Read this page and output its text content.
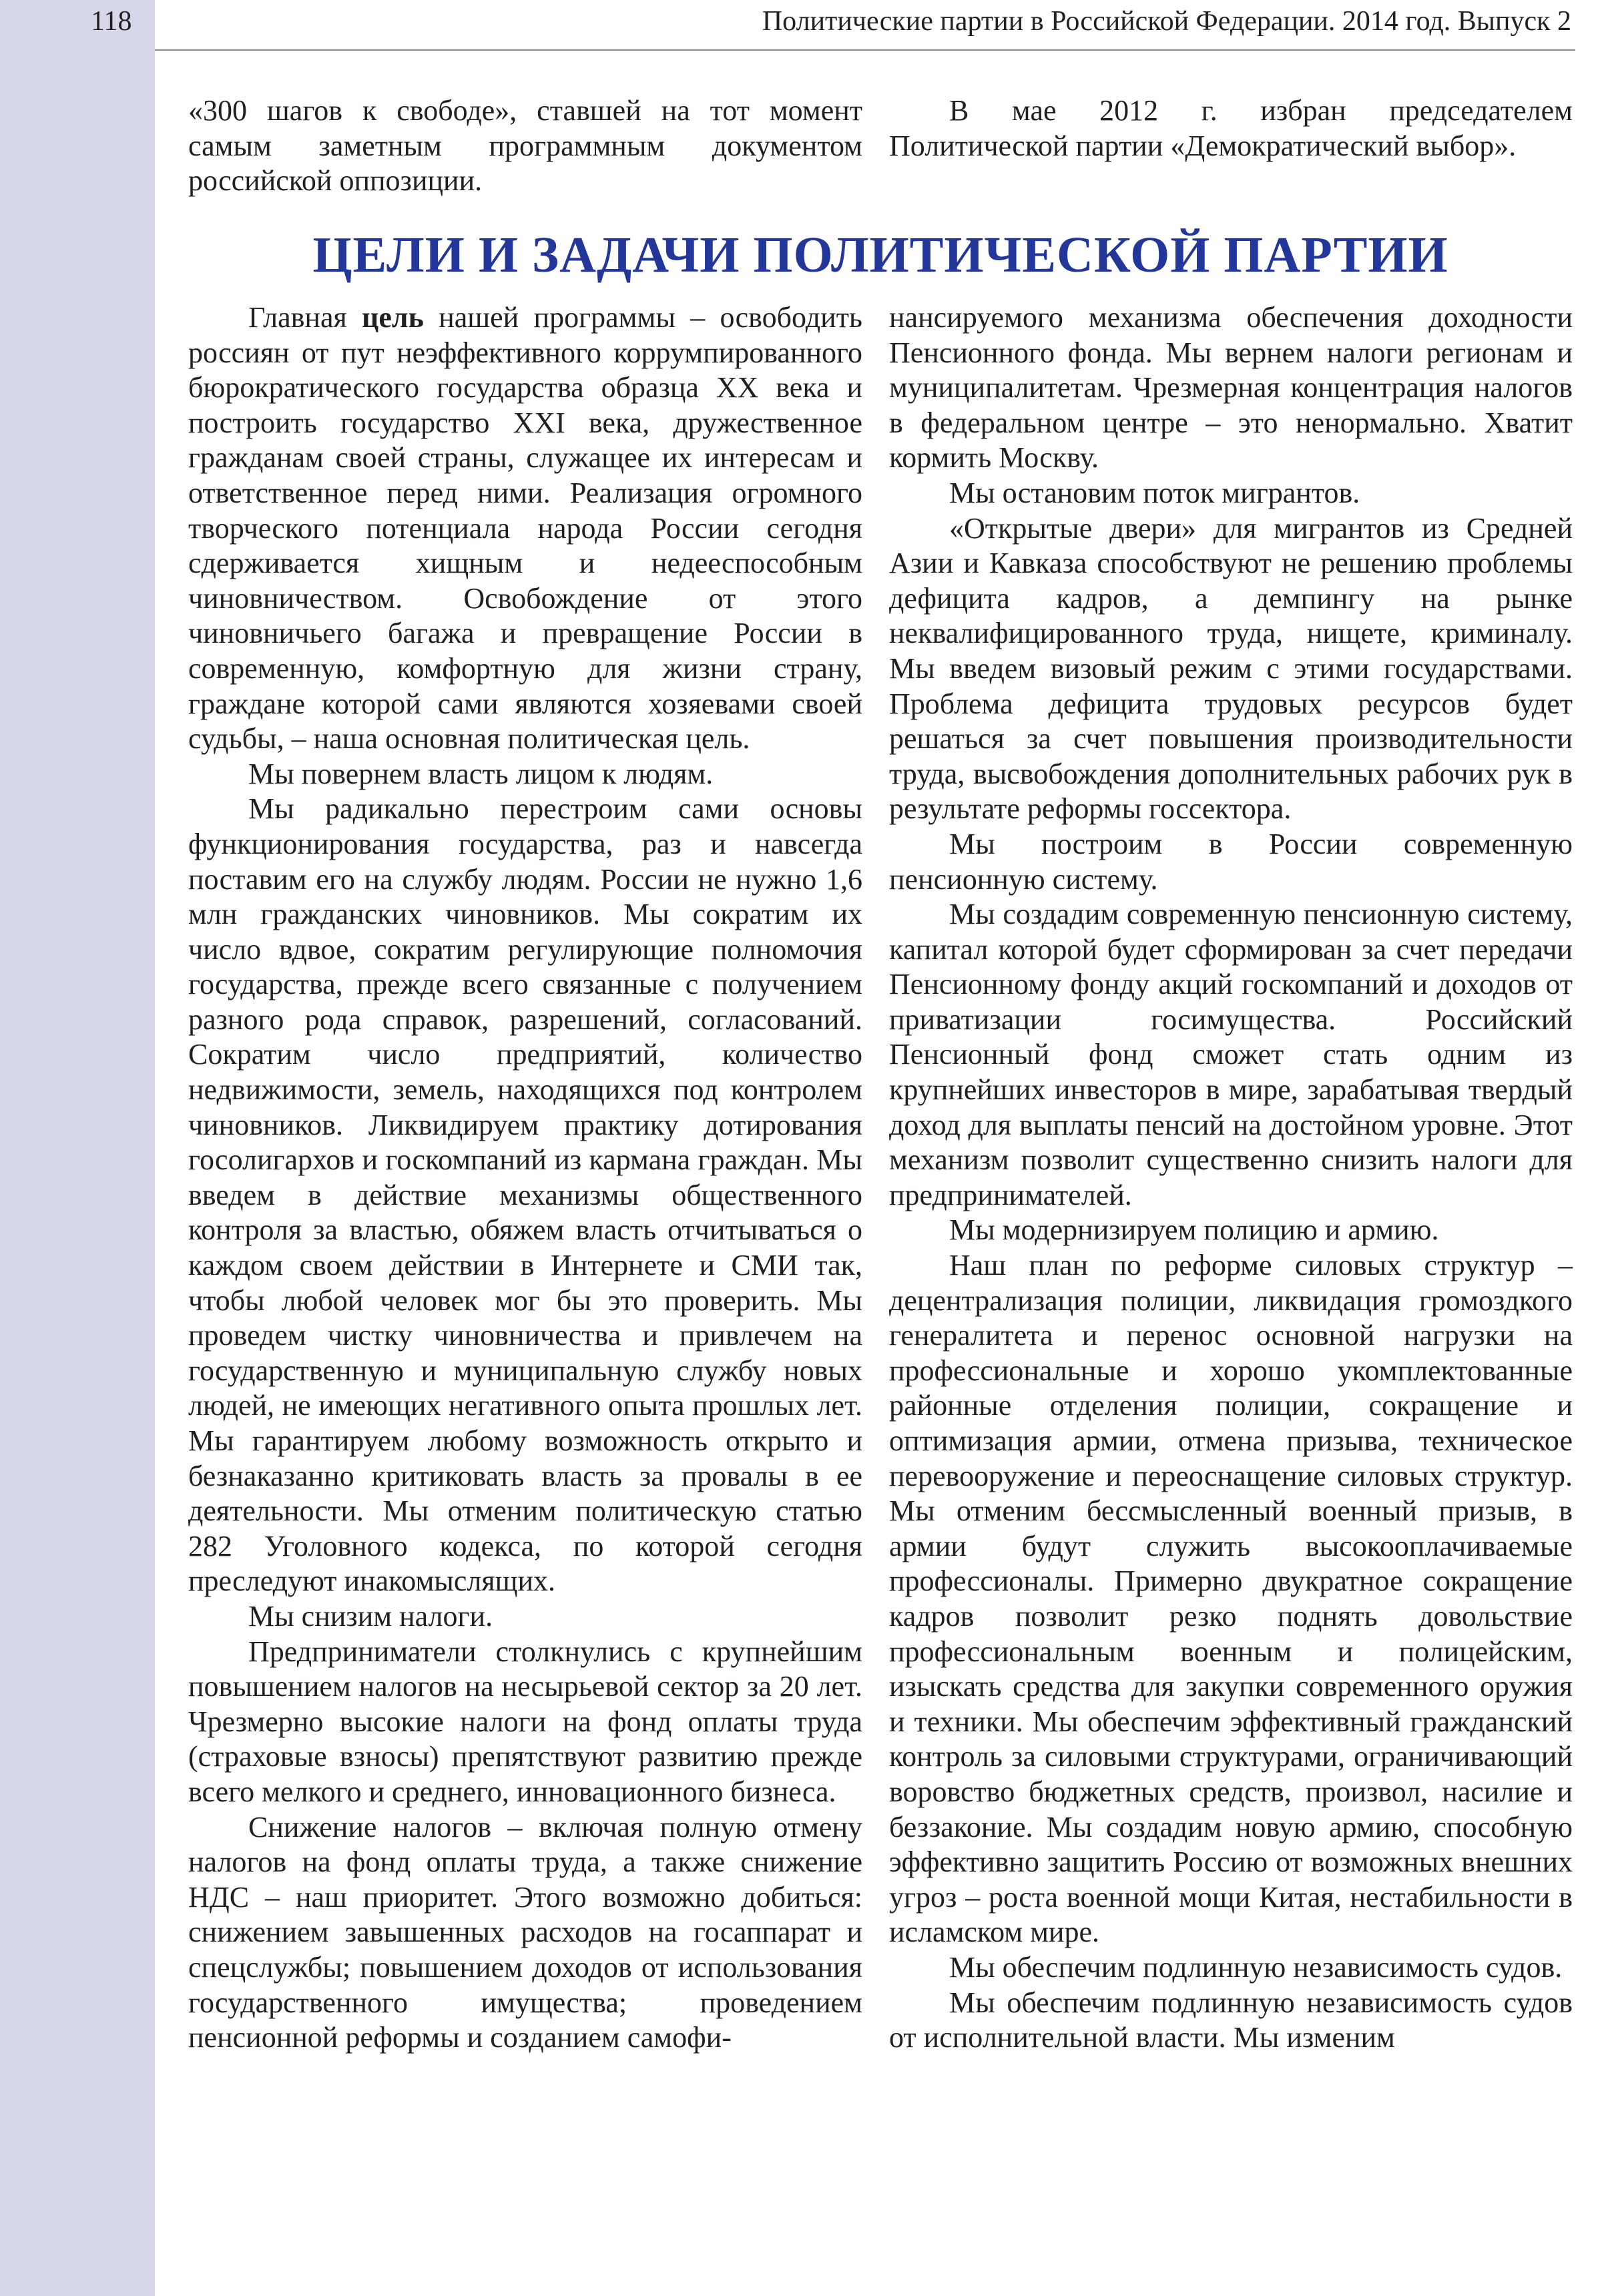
118	Политические партии в Российской Федерации. 2014 год. Выпуск 2

«300 шагов к свободе», ставшей на тот момент самым заметным программным документом российской оппозиции.

В мае 2012 г. избран председателем Политической партии «Демократический выбор».

ЦЕЛИ И ЗАДАЧИ ПОЛИТИЧЕСКОЙ ПАРТИИ

Главная цель нашей программы – освободить россиян от пут неэффективного коррумпированного бюрократического государства образца XX века и построить государство XXI века, дружественное гражданам своей страны, служащее их интересам и ответственное перед ними. Реализация огромного творческого потенциала народа России сегодня сдерживается хищным и недееспособным чиновничеством. Освобождение от этого чиновничьего багажа и превращение России в современную, комфортную для жизни страну, граждане которой сами являются хозяевами своей судьбы, – наша основная политическая цель.

Мы повернем власть лицом к людям.

Мы радикально перестроим сами основы функционирования государства, раз и навсегда поставим его на службу людям. России не нужно 1,6 млн гражданских чиновников. Мы сократим их число вдвое, сократим регулирующие полномочия государства, прежде всего связанные с получением разного рода справок, разрешений, согласований. Сократим число предприятий, количество недвижимости, земель, находящихся под контролем чиновников. Ликвидируем практику дотирования госолигархов и госкомпаний из кармана граждан. Мы введем в действие механизмы общественного контроля за властью, обяжем власть отчитываться о каждом своем действии в Интернете и СМИ так, чтобы любой человек мог бы это проверить. Мы проведем чистку чиновничества и привлечем на государственную и муниципальную службу новых людей, не имеющих негативного опыта прошлых лет. Мы гарантируем любому возможность открыто и безнаказанно критиковать власть за провалы в ее деятельности. Мы отменим политическую статью 282 Уголовного кодекса, по которой сегодня преследуют инакомыслящих.

Мы снизим налоги.

Предприниматели столкнулись с крупнейшим повышением налогов на несырьевой сектор за 20 лет. Чрезмерно высокие налоги на фонд оплаты труда (страховые взносы) препятствуют развитию прежде всего мелкого и среднего, инновационного бизнеса.

Снижение налогов – включая полную отмену налогов на фонд оплаты труда, а также снижение НДС – наш приоритет. Этого возможно добиться: снижением завышенных расходов на госаппарат и спецслужбы; повышением доходов от использования государственного имущества; проведением пенсионной реформы и созданием самофи-

нансируемого механизма обеспечения доходности Пенсионного фонда. Мы вернем налоги регионам и муниципалитетам. Чрезмерная концентрация налогов в федеральном центре – это ненормально. Хватит кормить Москву.

Мы остановим поток мигрантов.

«Открытые двери» для мигрантов из Средней Азии и Кавказа способствуют не решению проблемы дефицита кадров, а демпингу на рынке неквалифицированного труда, нищете, криминалу. Мы введем визовый режим с этими государствами. Проблема дефицита трудовых ресурсов будет решаться за счет повышения производительности труда, высвобождения дополнительных рабочих рук в результате реформы госсектора.

Мы построим в России современную пенсионную систему.

Мы создадим современную пенсионную систему, капитал которой будет сформирован за счет передачи Пенсионному фонду акций госкомпаний и доходов от приватизации госимущества. Российский Пенсионный фонд сможет стать одним из крупнейших инвесторов в мире, зарабатывая твердый доход для выплаты пенсий на достойном уровне. Этот механизм позволит существенно снизить налоги для предпринимателей.

Мы модернизируем полицию и армию.

Наш план по реформе силовых структур – децентрализация полиции, ликвидация громоздкого генералитета и перенос основной нагрузки на профессиональные и хорошо укомплектованные районные отделения полиции, сокращение и оптимизация армии, отмена призыва, техническое перевооружение и переоснащение силовых структур. Мы отменим бессмысленный военный призыв, в армии будут служить высокооплачиваемые профессионалы. Примерно двукратное сокращение кадров позволит резко поднять довольствие профессиональным военным и полицейским, изыскать средства для закупки современного оружия и техники. Мы обеспечим эффективный гражданский контроль за силовыми структурами, ограничивающий воровство бюджетных средств, произвол, насилие и беззаконие. Мы создадим новую армию, способную эффективно защитить Россию от возможных внешних угроз – роста военной мощи Китая, нестабильности в исламском мире.

Мы обеспечим подлинную независимость судов.

Мы обеспечим подлинную независимость судов от исполнительной власти. Мы изменим
